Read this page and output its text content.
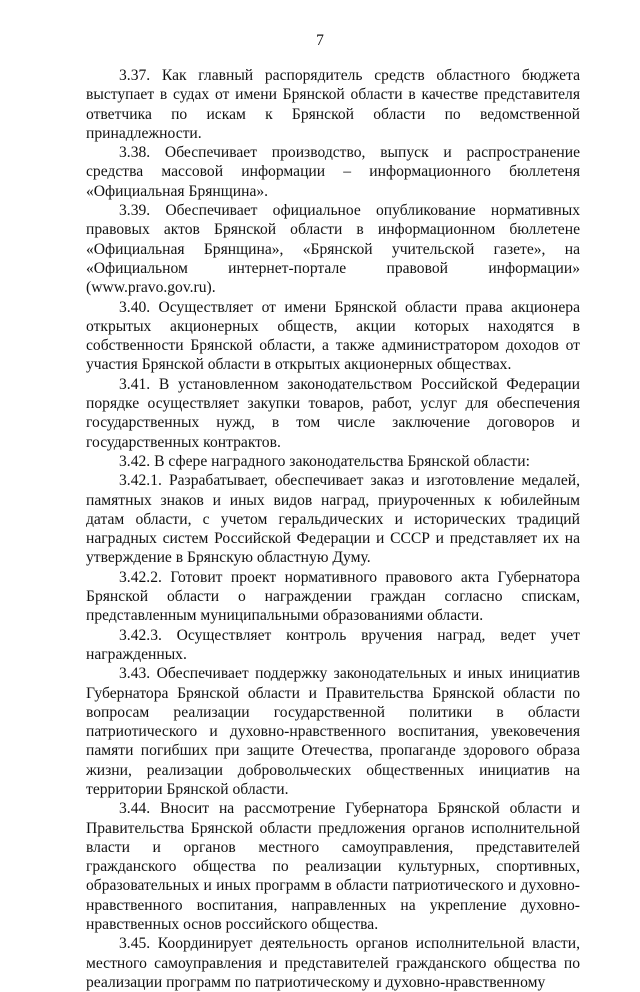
7

3.37. Как главный распорядитель средств областного бюджета выступает в судах от имени Брянской области в качестве представителя ответчика по искам к Брянской области по ведомственной принадлежности.

3.38. Обеспечивает производство, выпуск и распространение средства массовой информации – информационного бюллетеня «Официальная Брянщина».

3.39. Обеспечивает официальное опубликование нормативных правовых актов Брянской области в информационном бюллетене «Официальная Брянщина», «Брянской учительской газете», на «Официальном интернет-портале правовой информации» (www.pravo.gov.ru).

3.40. Осуществляет от имени Брянской области права акционера открытых акционерных обществ, акции которых находятся в собственности Брянской области, а также администратором доходов от участия Брянской области в открытых акционерных обществах.

3.41. В установленном законодательством Российской Федерации порядке осуществляет закупки товаров, работ, услуг для обеспечения государственных нужд, в том числе заключение договоров и государственных контрактов.

3.42. В сфере наградного законодательства Брянской области:

3.42.1. Разрабатывает, обеспечивает заказ и изготовление медалей, памятных знаков и иных видов наград, приуроченных к юбилейным датам области, с учетом геральдических и исторических традиций наградных систем Российской Федерации и СССР и представляет их на утверждение в Брянскую областную Думу.

3.42.2. Готовит проект нормативного правового акта Губернатора Брянской области о награждении граждан согласно спискам, представленным муниципальными образованиями области.

3.42.3. Осуществляет контроль вручения наград, ведет учет награжденных.

3.43. Обеспечивает поддержку законодательных и иных инициатив Губернатора Брянской области и Правительства Брянской области по вопросам реализации государственной политики в области патриотического и духовно-нравственного воспитания, увековечения памяти погибших при защите Отечества, пропаганде здорового образа жизни, реализации добровольческих общественных инициатив на территории Брянской области.

3.44. Вносит на рассмотрение Губернатора Брянской области и Правительства Брянской области предложения органов исполнительной власти и органов местного самоуправления, представителей гражданского общества по реализации культурных, спортивных, образовательных и иных программ в области патриотического и духовно-нравственного воспитания, направленных на укрепление духовно-нравственных основ российского общества.

3.45. Координирует деятельность органов исполнительной власти, местного самоуправления и представителей гражданского общества по реализации программ по патриотическому и духовно-нравственному
